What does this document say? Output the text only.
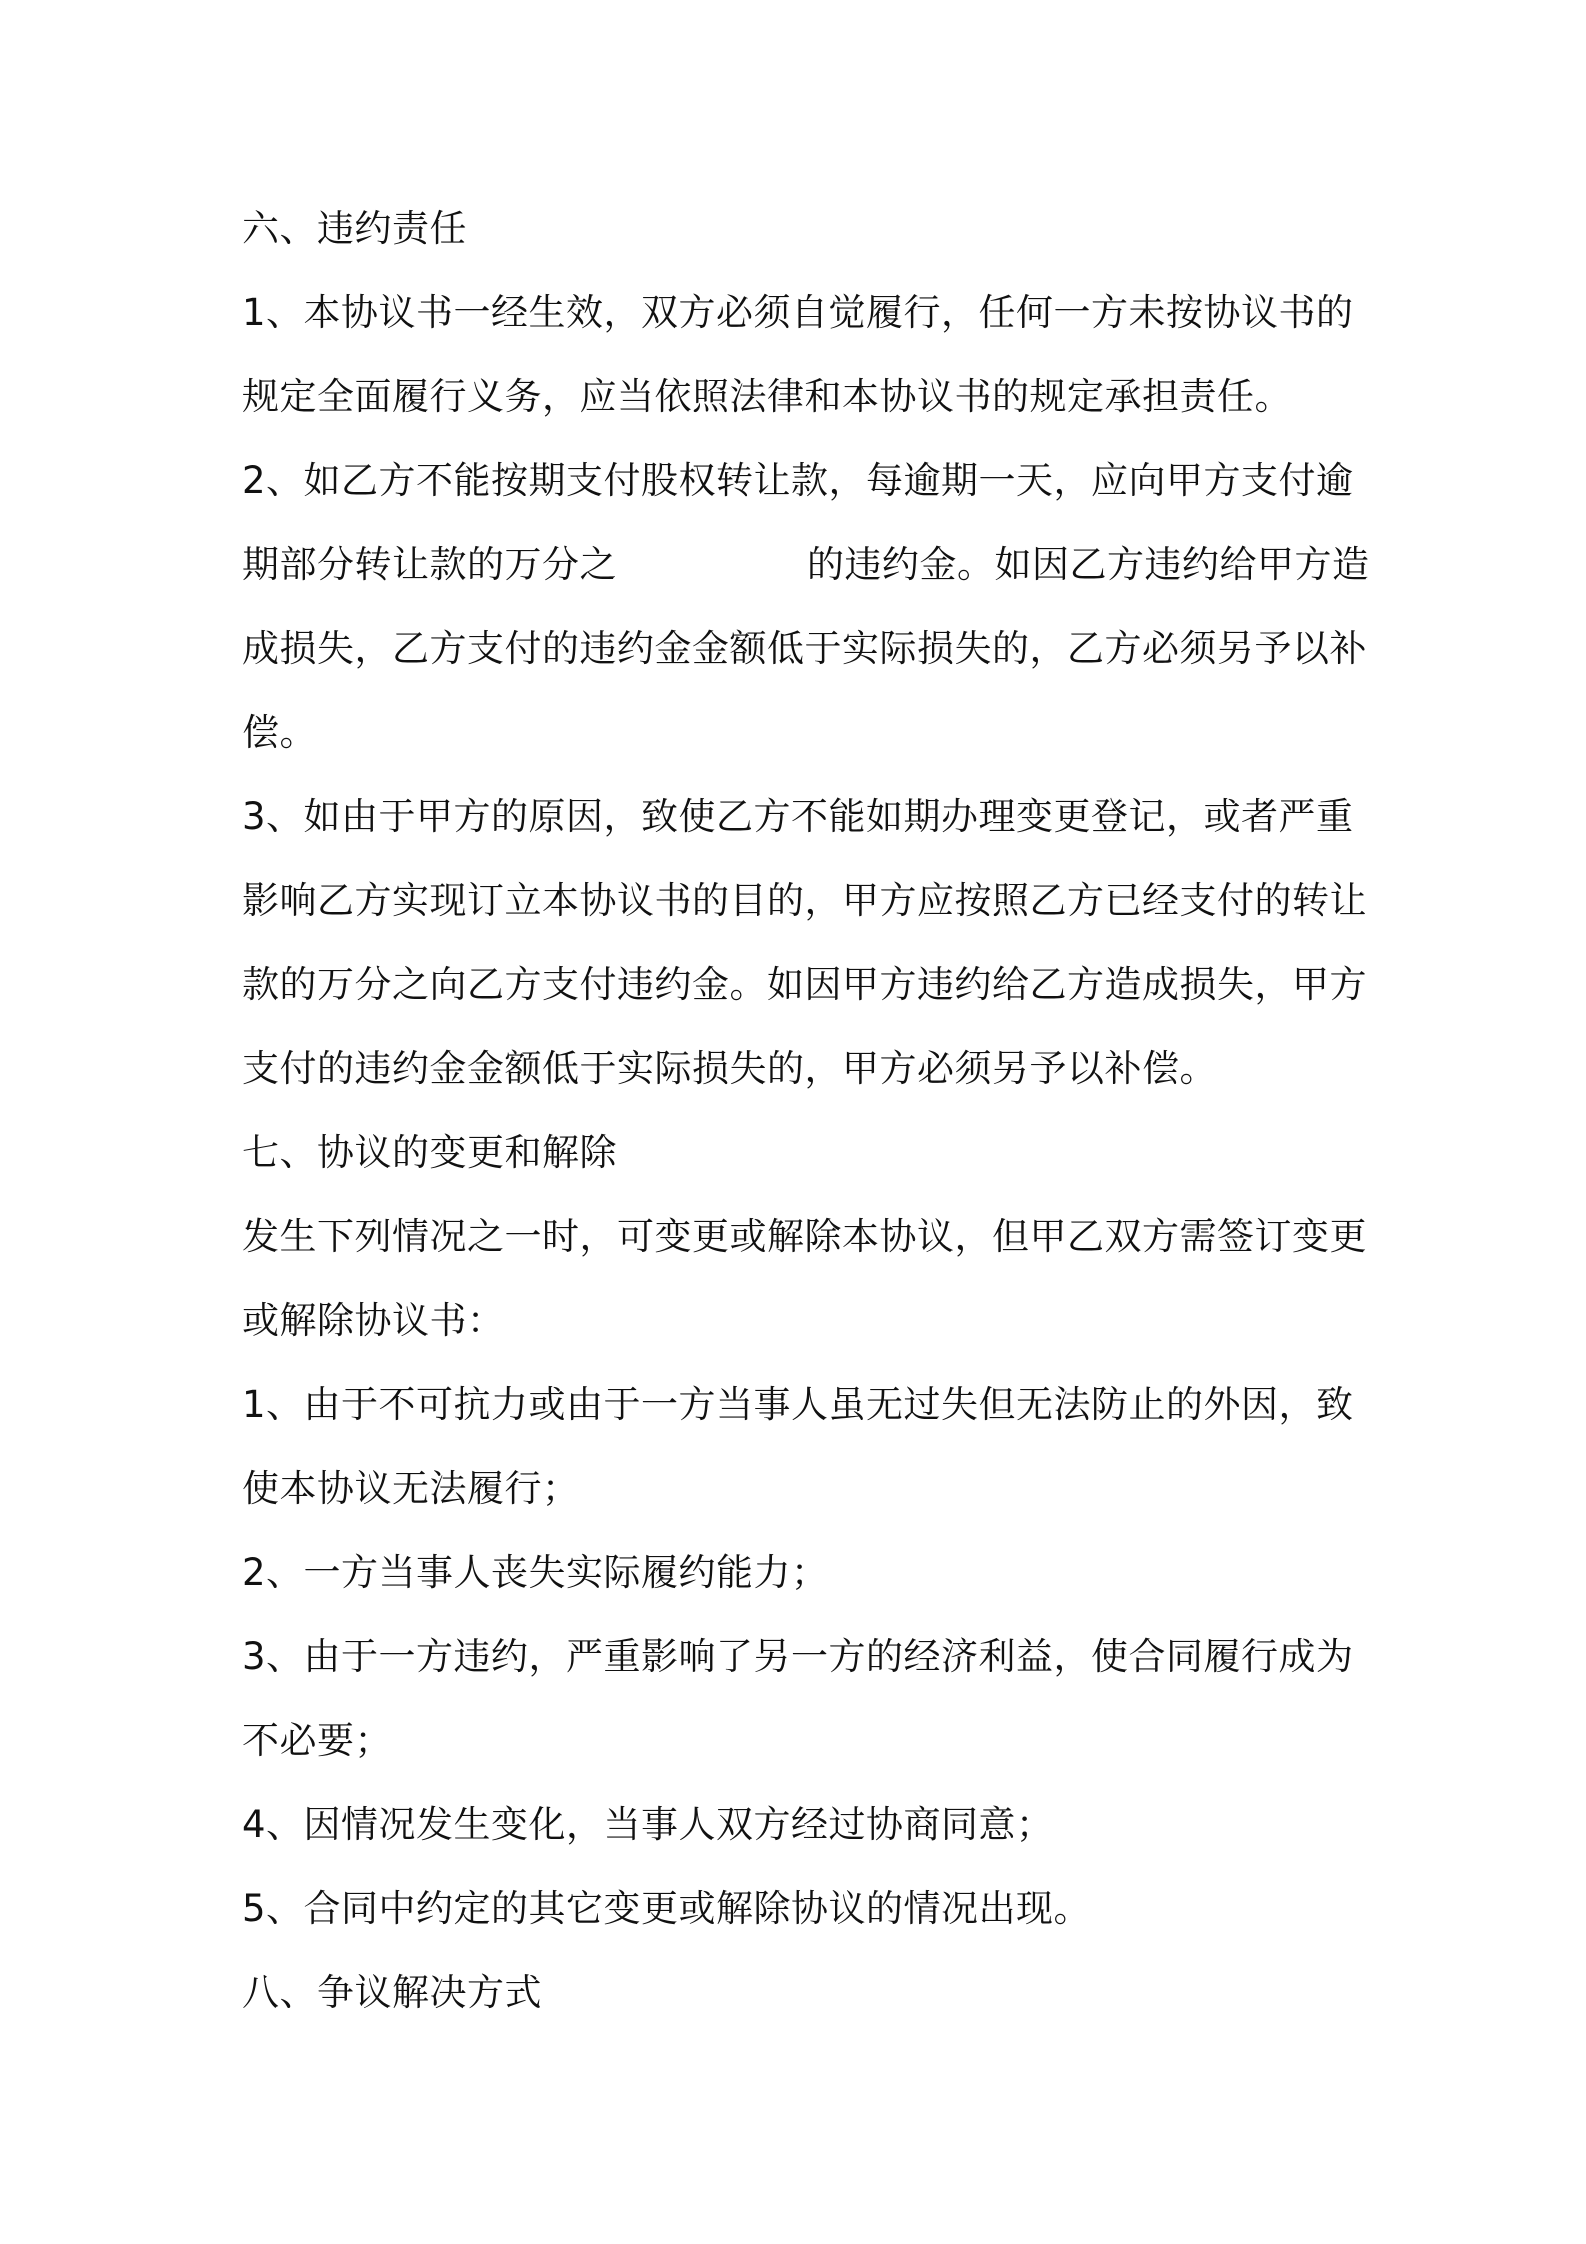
六、违约责任
1、本协议书一经生效，双方必须自觉履行，任何一方未按协议书的
规定全面履行义务，应当依照法律和本协议书的规定承担责任。
2、如乙方不能按期支付股权转让款，每逾期一天，应向甲方支付逾
期部分转让款的万分之	的违约金。如因乙方违约给甲方造
成损失，乙方支付的违约金金额低于实际损失的，乙方必须另予以补
偿。
3、如由于甲方的原因，致使乙方不能如期办理变更登记，或者严重
影响乙方实现订立本协议书的目的，甲方应按照乙方已经支付的转让
款的万分之向乙方支付违约金。如因甲方违约给乙方造成损失，甲方
支付的违约金金额低于实际损失的，甲方必须另予以补偿。
七、协议的变更和解除
发生下列情况之一时，可变更或解除本协议，但甲乙双方需签订变更
或解除协议书：
1、由于不可抗力或由于一方当事人虽无过失但无法防止的外因，致
使本协议无法履行；
2、一方当事人丧失实际履约能力；
3、由于一方违约，严重影响了另一方的经济利益，使合同履行成为
不必要；
4、因情况发生变化，当事人双方经过协商同意；
5、合同中约定的其它变更或解除协议的情况出现。
八、争议解决方式
